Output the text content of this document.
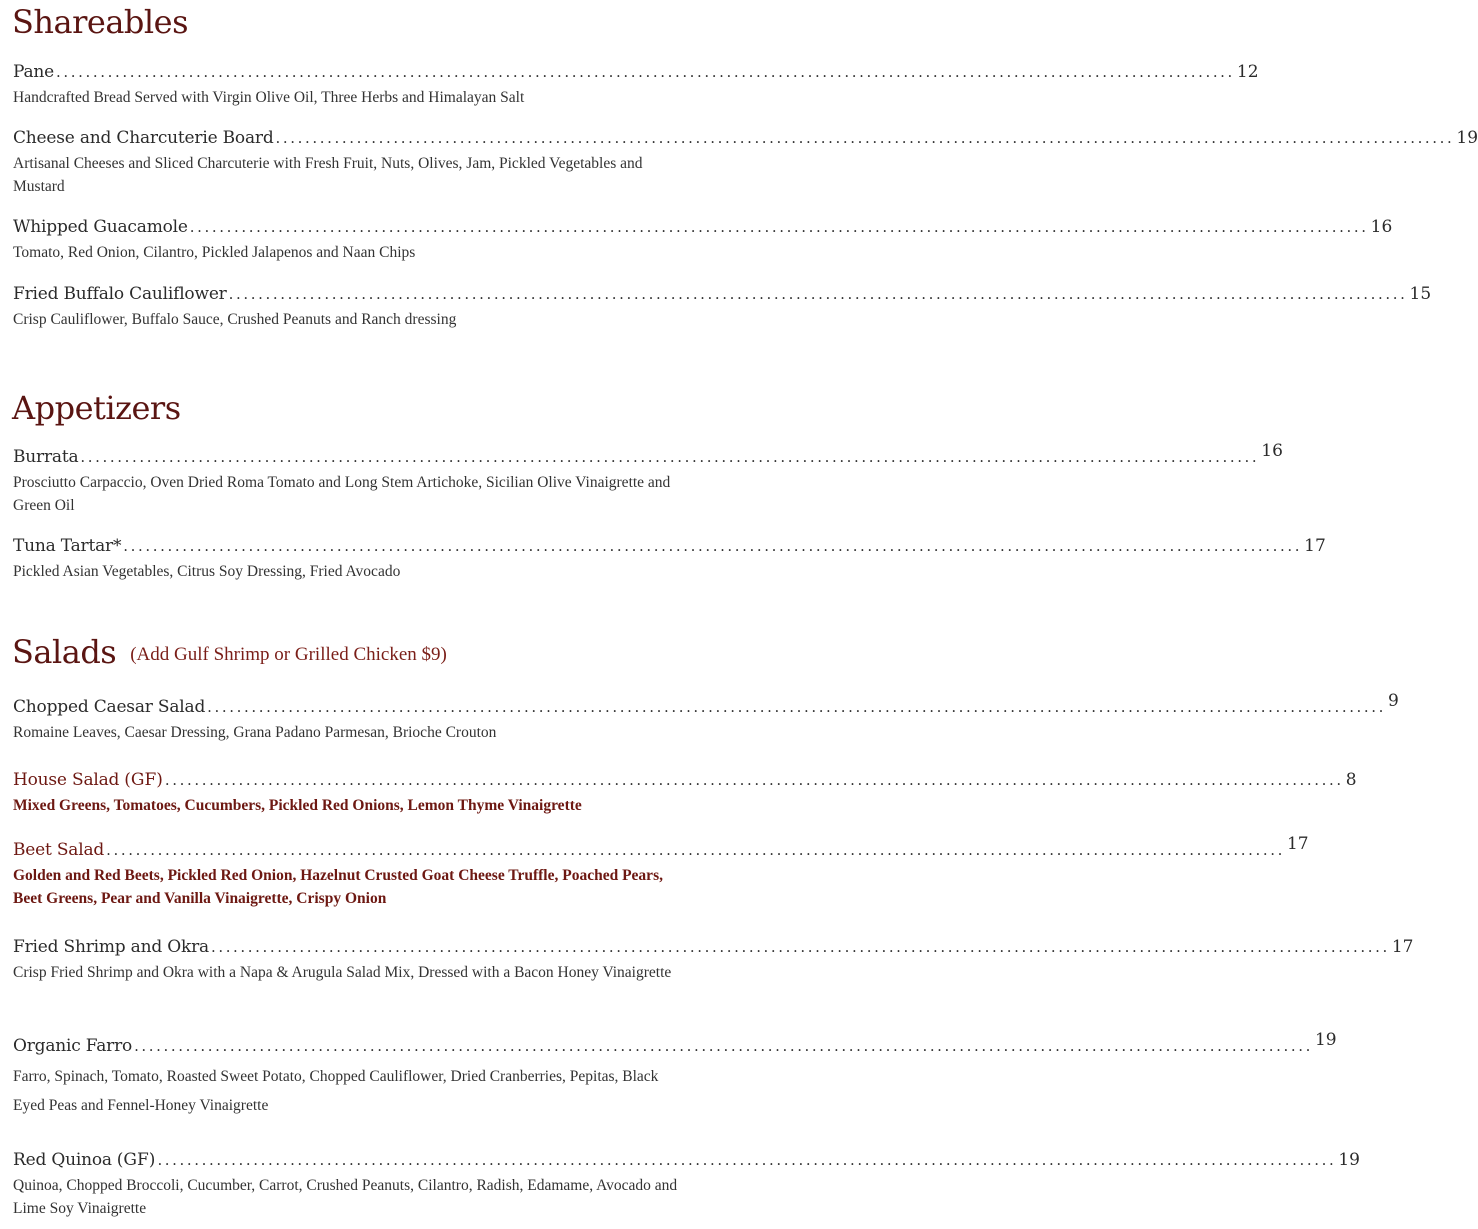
Shareables
Pane ................................................................................................................................................................ 12

Handcrafted Bread Served with Virgin Olive Oil, Three Herbs and Himalayan Salt

Cheese and Charcuterie Board ................................................................................................................................................................ 19

Artisanal Cheeses and Sliced Charcuterie with Fresh Fruit, Nuts, Olives, Jam, Pickled Vegetables and Mustard

Whipped Guacamole ................................................................................................................................................................ 16

Tomato, Red Onion, Cilantro, Pickled Jalapenos and Naan Chips

Fried Buffalo Cauliflower ................................................................................................................................................................ 15

Crisp Cauliflower, Buffalo Sauce, Crushed Peanuts and Ranch dressing

Appetizers
Burrata ................................................................................................................................................................ 16

Prosciutto Carpaccio, Oven Dried Roma Tomato and Long Stem Artichoke, Sicilian Olive Vinaigrette and Green Oil

Tuna Tartar* ................................................................................................................................................................ 17

Pickled Asian Vegetables, Citrus Soy Dressing, Fried Avocado

Salads (Add Gulf Shrimp or Grilled Chicken $9)
Chopped Caesar Salad ................................................................................................................................................................ 9

Romaine Leaves, Caesar Dressing, Grana Padano Parmesan, Brioche Crouton

House Salad (GF) ................................................................................................................................................................ 8

Mixed Greens, Tomatoes, Cucumbers, Pickled Red Onions, Lemon Thyme Vinaigrette

Beet Salad ................................................................................................................................................................ 17

Golden and Red Beets, Pickled Red Onion, Hazelnut Crusted Goat Cheese Truffle, Poached Pears, Beet Greens, Pear and Vanilla Vinaigrette, Crispy Onion

Fried Shrimp and Okra ................................................................................................................................................................ 17

Crisp Fried Shrimp and Okra with a Napa & Arugula Salad Mix, Dressed with a Bacon Honey Vinaigrette

Organic Farro ................................................................................................................................................................ 19

Farro, Spinach, Tomato, Roasted Sweet Potato, Chopped Cauliflower, Dried Cranberries, Pepitas, Black Eyed Peas and Fennel-Honey Vinaigrette

Red Quinoa (GF) ................................................................................................................................................................ 19

Quinoa, Chopped Broccoli, Cucumber, Carrot, Crushed Peanuts, Cilantro, Radish, Edamame, Avocado and Lime Soy Vinaigrette
